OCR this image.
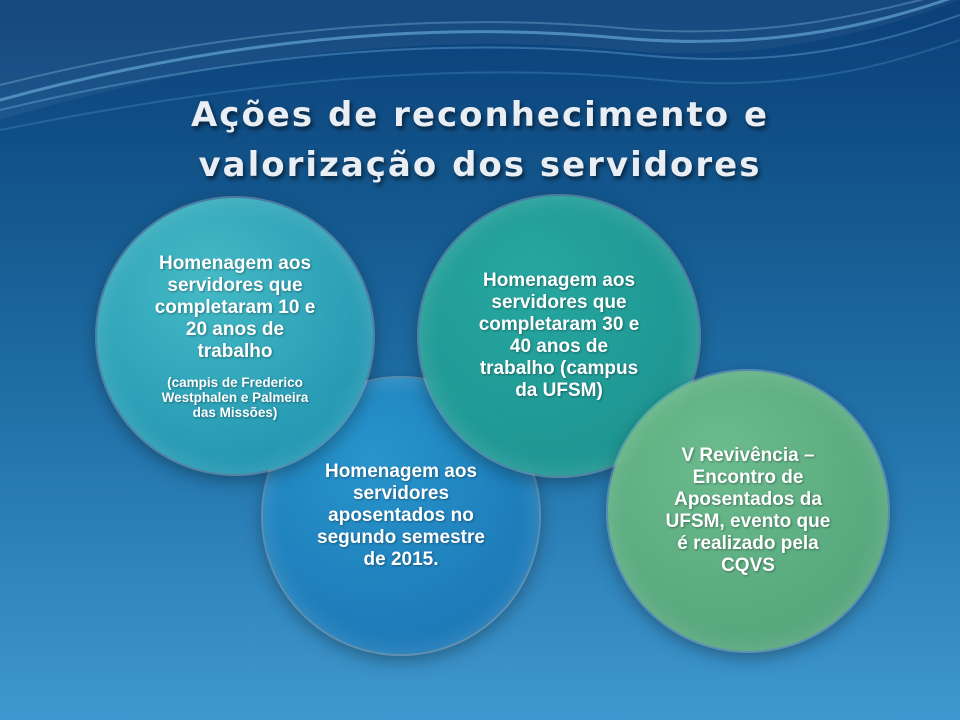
Ações de reconhecimento e
valorização dos servidores
Homenagem aos servidores que completaram 10 e 20 anos de trabalho
(campis de Frederico Westphalen e Palmeira das Missões)
Homenagem aos servidores aposentados no segundo semestre de 2015.
Homenagem aos servidores que completaram 30 e 40 anos de trabalho (campus da UFSM)
V Revivência – Encontro de Aposentados da UFSM, evento que é realizado pela CQVS
